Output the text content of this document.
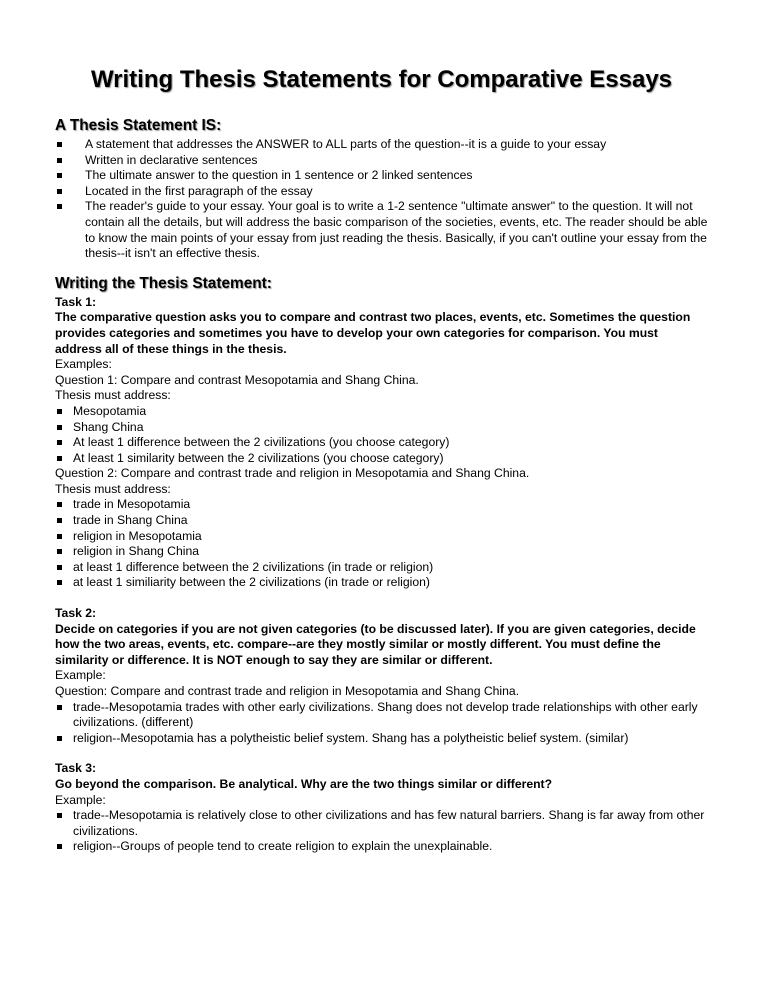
Writing Thesis Statements for Comparative Essays
A Thesis Statement IS:
A statement that addresses the ANSWER to ALL parts of the question--it is a guide to your essay
Written in declarative sentences
The ultimate answer to the question in 1 sentence or 2 linked sentences
Located in the first paragraph of the essay
The reader's guide to your essay. Your goal is to write a 1-2 sentence "ultimate answer" to the question. It will not contain all the details, but will address the basic comparison of the societies, events, etc. The reader should be able to know the main points of your essay from just reading the thesis. Basically, if you can't outline your essay from the thesis--it isn't an effective thesis.
Writing the Thesis Statement:

Task 1:

The comparative question asks you to compare and contrast two places, events, etc. Sometimes the question provides categories and sometimes you have to develop your own categories for comparison. You must address all of these things in the thesis.

Examples:

Question 1: Compare and contrast Mesopotamia and Shang China.

Thesis must address:

Mesopotamia
Shang China
At least 1 difference between the 2 civilizations (you choose category)
At least 1 similarity between the 2 civilizations (you choose category)

Question 2: Compare and contrast trade and religion in Mesopotamia and Shang China.

Thesis must address:

trade in Mesopotamia
trade in Shang China
religion in Mesopotamia
religion in Shang China
at least 1 difference between the 2 civilizations (in trade or religion)
at least 1 similiarity between the 2 civilizations (in trade or religion)

Task 2:

Decide on categories if you are not given categories (to be discussed later). If you are given categories, decide how the two areas, events, etc. compare--are they mostly similar or mostly different. You must define the similarity or difference. It is NOT enough to say they are similar or different.

Example:

Question: Compare and contrast trade and religion in Mesopotamia and Shang China.

trade--Mesopotamia trades with other early civilizations. Shang does not develop trade relationships with other early civilizations. (different)
religion--Mesopotamia has a polytheistic belief system. Shang has a polytheistic belief system. (similar)

Task 3:

Go beyond the comparison. Be analytical. Why are the two things similar or different?

Example:

trade--Mesopotamia is relatively close to other civilizations and has few natural barriers. Shang is far away from other civilizations.
religion--Groups of people tend to create religion to explain the unexplainable.
